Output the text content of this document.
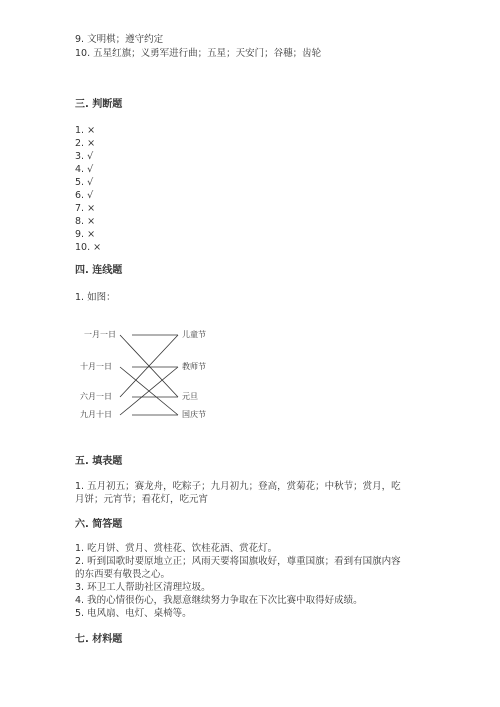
9. 文明棋；遵守约定
10. 五星红旗；义勇军进行曲；五星；天安门；谷穗；齿轮
三. 判断题
1. ×
2. ×
3. √
4. √
5. √
6. √
7. ×
8. ×
9. ×
10. ×
四. 连线题
1. 如图：
一月一日
十月一日
六月一日
九月十日
儿童节
教师节
元旦
国庆节
五. 填表题
1. 五月初五；赛龙舟，吃粽子；九月初九；登高，赏菊花；中秋节；赏月，吃
月饼；元宵节；看花灯，吃元宵
六. 简答题
1. 吃月饼、赏月、赏桂花、饮桂花酒、赏花灯。
2. 听到国歌时要原地立正；风雨天要将国旗收好，尊重国旗；看到有国旗内容
的东西要有敬畏之心。
3. 环卫工人帮助社区清理垃圾。
4. 我的心情很伤心，我愿意继续努力争取在下次比赛中取得好成绩。
5. 电风扇、电灯、桌椅等。
七. 材料题
